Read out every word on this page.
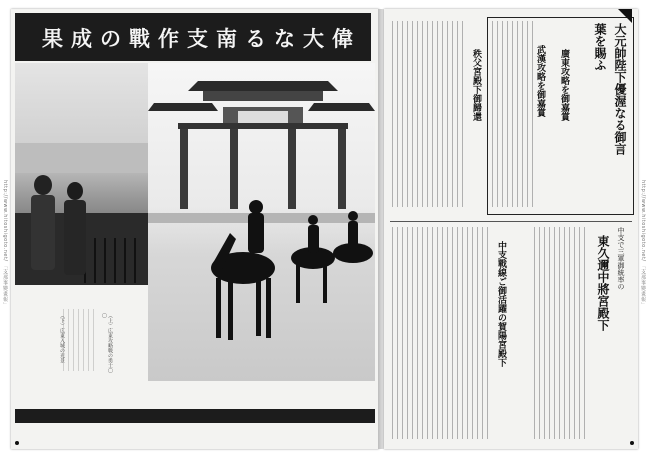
偉大なる南支作戰の成果
（上）広東攻略戰の勇士〇〇
（下）広東入城の光景
大元帥陛下優渥なる御言葉を賜ふ
廣東攻略を御嘉賞
武漢攻略を御嘉賞
秩父宮殿下御歸還
中支で三軍御統率の
東久邇中將宮殿下
中支戰線ご御活躍の賀陽宮殿下
http://www.hitoshigoto.net/ 「支那事變畫報」	http://www.hitoshigoto.net/ 「支那事變畫報」
